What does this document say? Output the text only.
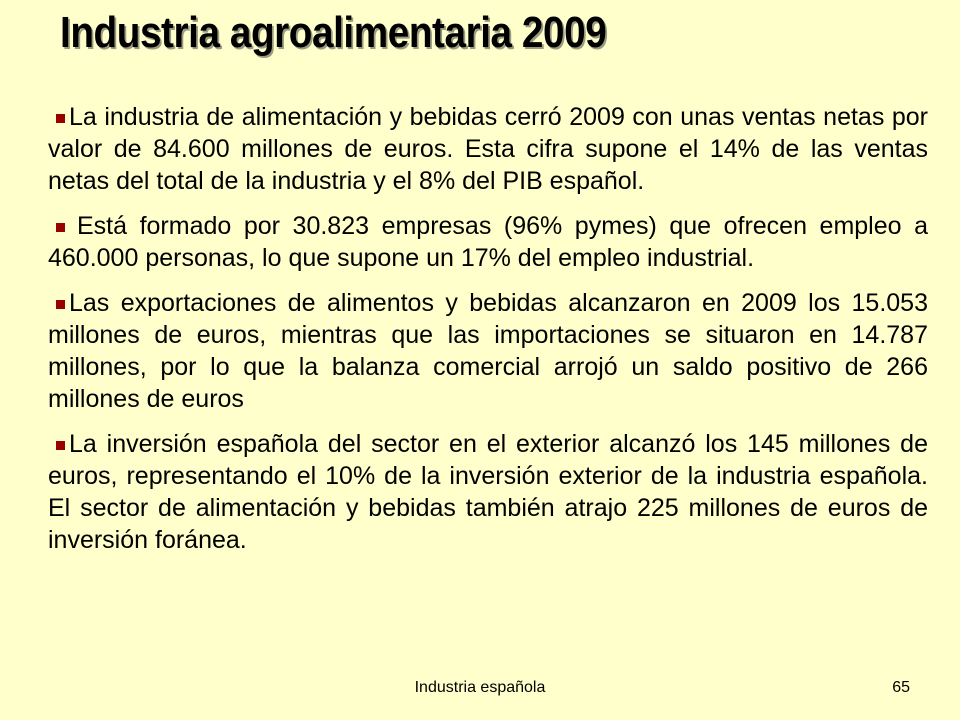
Industria agroalimentaria 2009
La industria de alimentación y bebidas cerró 2009 con unas ventas netas por valor de 84.600 millones de euros. Esta cifra supone el 14% de las ventas netas del total de la industria y el 8% del PIB español.
Está formado por 30.823 empresas (96% pymes) que ofrecen empleo a 460.000 personas, lo que supone un 17% del empleo industrial.
Las exportaciones de alimentos y bebidas alcanzaron en 2009 los 15.053 millones de euros, mientras que las importaciones se situaron en 14.787 millones, por lo que la balanza comercial arrojó un saldo positivo de 266 millones de euros
La inversión española del sector en el exterior alcanzó los 145 millones de euros, representando el 10% de la inversión exterior de la industria española. El sector de alimentación y bebidas también atrajo 225 millones de euros de inversión foránea.
Industria española	65
